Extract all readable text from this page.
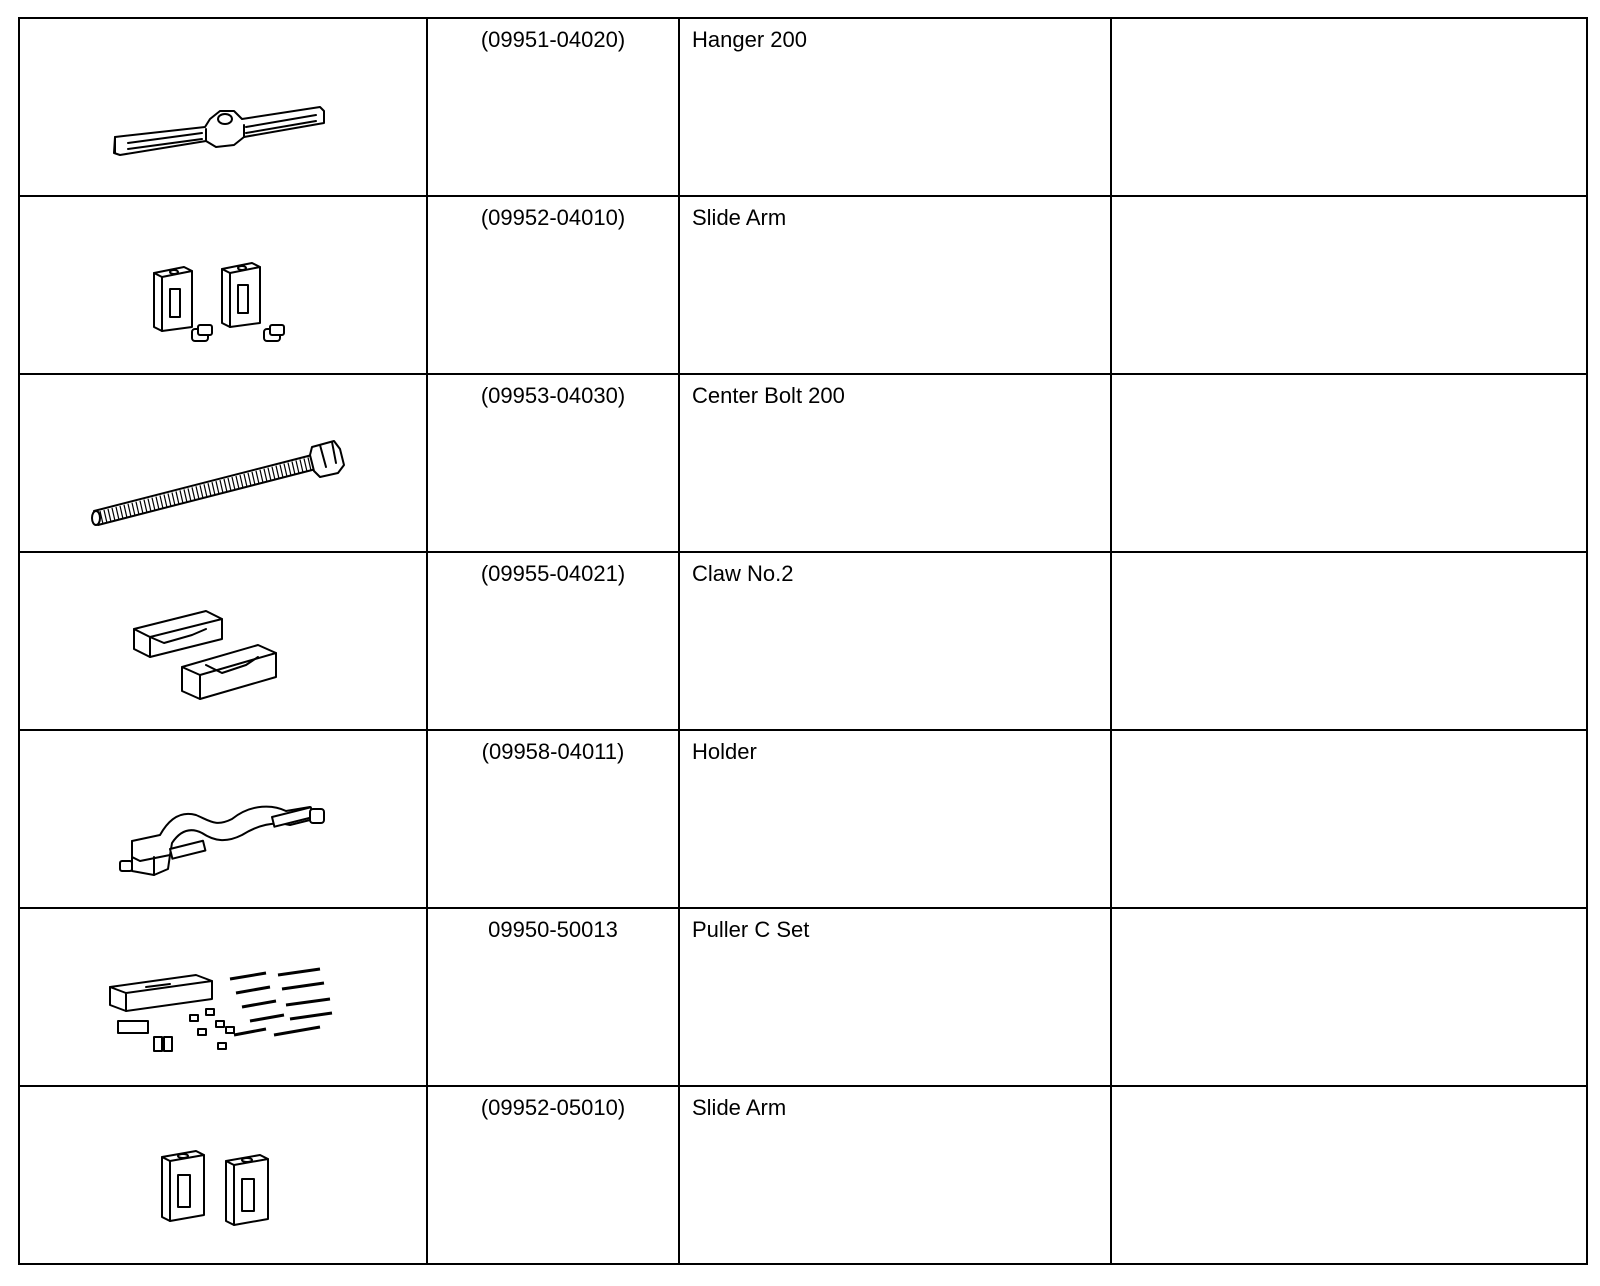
	(09951-04020)	Hanger 200	

	(09952-04010)	Slide Arm	

	(09953-04030)	Center Bolt 200	

	(09955-04021)	Claw No.2	

	(09958-04011)	Holder	

	09950-50013	Puller C Set	

	(09952-05010)	Slide Arm	
